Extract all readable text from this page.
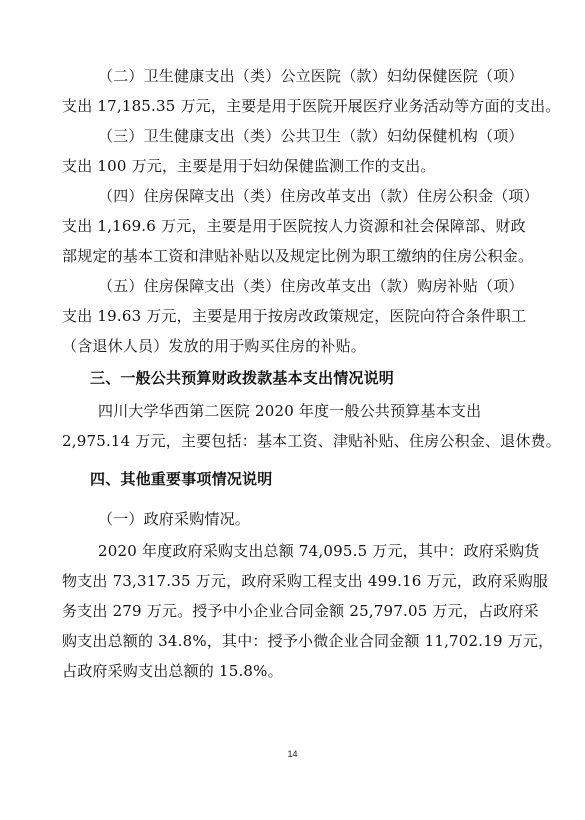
（二）卫生健康支出（类）公立医院（款）妇幼保健医院（项）
支出 17,185.35 万元，主要是用于医院开展医疗业务活动等方面的支出。
（三）卫生健康支出（类）公共卫生（款）妇幼保健机构（项）
支出 100 万元，主要是用于妇幼保健监测工作的支出。
（四）住房保障支出（类）住房改革支出（款）住房公积金（项）
支出 1,169.6 万元，主要是用于医院按人力资源和社会保障部、财政
部规定的基本工资和津贴补贴以及规定比例为职工缴纳的住房公积金。
（五）住房保障支出（类）住房改革支出（款）购房补贴（项）
支出 19.63 万元，主要是用于按房改政策规定，医院向符合条件职工
（含退休人员）发放的用于购买住房的补贴。
三、一般公共预算财政拨款基本支出情况说明
四川大学华西第二医院 2020 年度一般公共预算基本支出
2,975.14 万元，主要包括：基本工资、津贴补贴、住房公积金、退休费。
四、其他重要事项情况说明
（一）政府采购情况。
2020 年度政府采购支出总额 74,095.5 万元，其中：政府采购货
物支出 73,317.35 万元，政府采购工程支出 499.16 万元，政府采购服
务支出 279 万元。授予中小企业合同金额 25,797.05 万元，占政府采
购支出总额的 34.8%，其中：授予小微企业合同金额 11,702.19 万元，
占政府采购支出总额的 15.8%。
14
